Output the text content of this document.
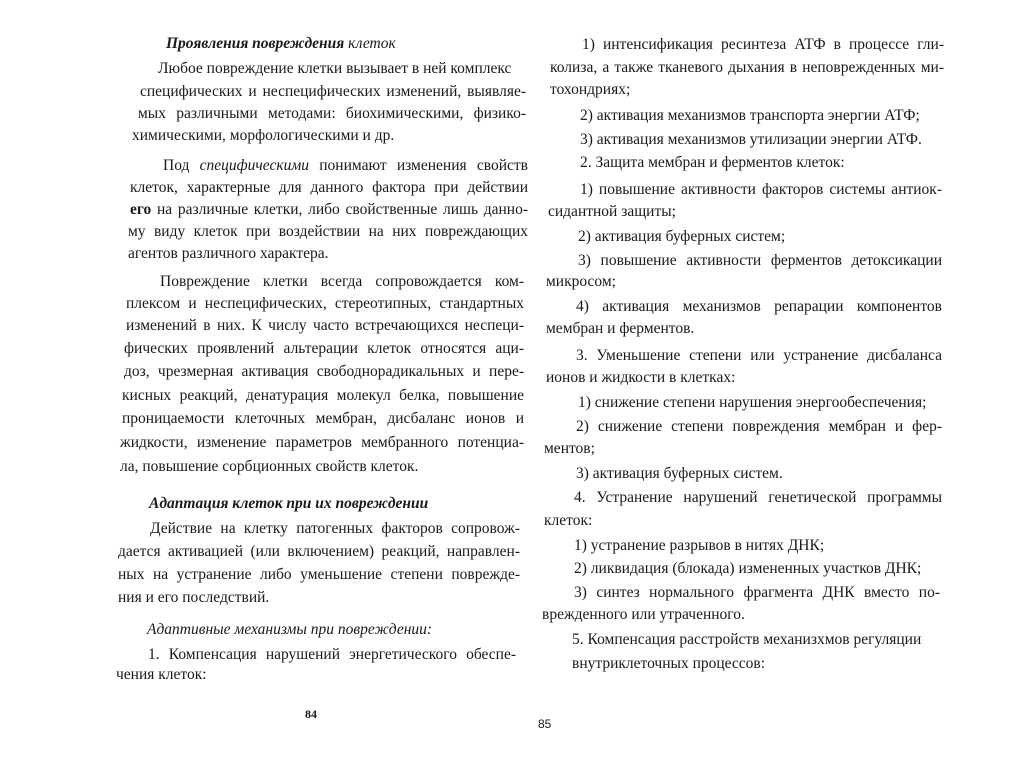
Проявления повреждения клеток

Любое повреждение клетки вызывает в ней комплекс

специфических и неспецифических изменений, выявляе-

мых различными методами: биохимическими, физико-

химическими, морфологическими и др.

Под специфическими понимают изменения свойств

клеток, характерные для данного фактора при действии

его на различные клетки, либо свойственные лишь данно-

му виду клеток при воздействии на них повреждающих

агентов различного характера.

Повреждение клетки всегда сопровождается ком-

плексом и неспецифических, стереотипных, стандартных

изменений в них. К числу часто встречающихся неспеци-

фических проявлений альтерации клеток относятся аци-

доз, чрезмерная активация свободнорадикальных и пере-

кисных реакций, денатурация молекул белка, повышение

проницаемости клеточных мембран, дисбаланс ионов и

жидкости, изменение параметров мембранного потенциа-

ла, повышение сорбционных свойств клеток.

Адаптация клеток при их повреждении

Действие на клетку патогенных факторов сопровож-

дается активацией (или включением) реакций, направлен-

ных на устранение либо уменьшение степени поврежде-

ния и его последствий.

Адаптивные механизмы при повреждении:

1. Компенсация нарушений энергетического обеспе-

чения клеток:

84

1) интенсификация ресинтеза АТФ в процессе гли-

колиза, а также тканевого дыхания в неповрежденных ми-

тохондриях;

2) активация механизмов транспорта энергии АТФ;

3) активация механизмов утилизации энергии АТФ.

2. Защита мембран и ферментов клеток:

1) повышение активности факторов системы антиок-

сидантной защиты;

2) активация буферных систем;

3) повышение активности ферментов детоксикации

микросом;

4) активация механизмов репарации компонентов

мембран и ферментов.

3. Уменьшение степени или устранение дисбаланса

ионов и жидкости в клетках:

1) снижение степени нарушения энергообеспечения;

2) снижение степени повреждения мембран и фер-

ментов;

3) активация буферных систем.

4. Устранение нарушений генетической программы

клеток:

1) устранение разрывов в нитях ДНК;

2) ликвидация (блокада) измененных участков ДНК;

3) синтез нормального фрагмента ДНК вместо по-

врежденного или утраченного.

5. Компенсация расстройств механизхмов регуляции

внутриклеточных процессов:

85
